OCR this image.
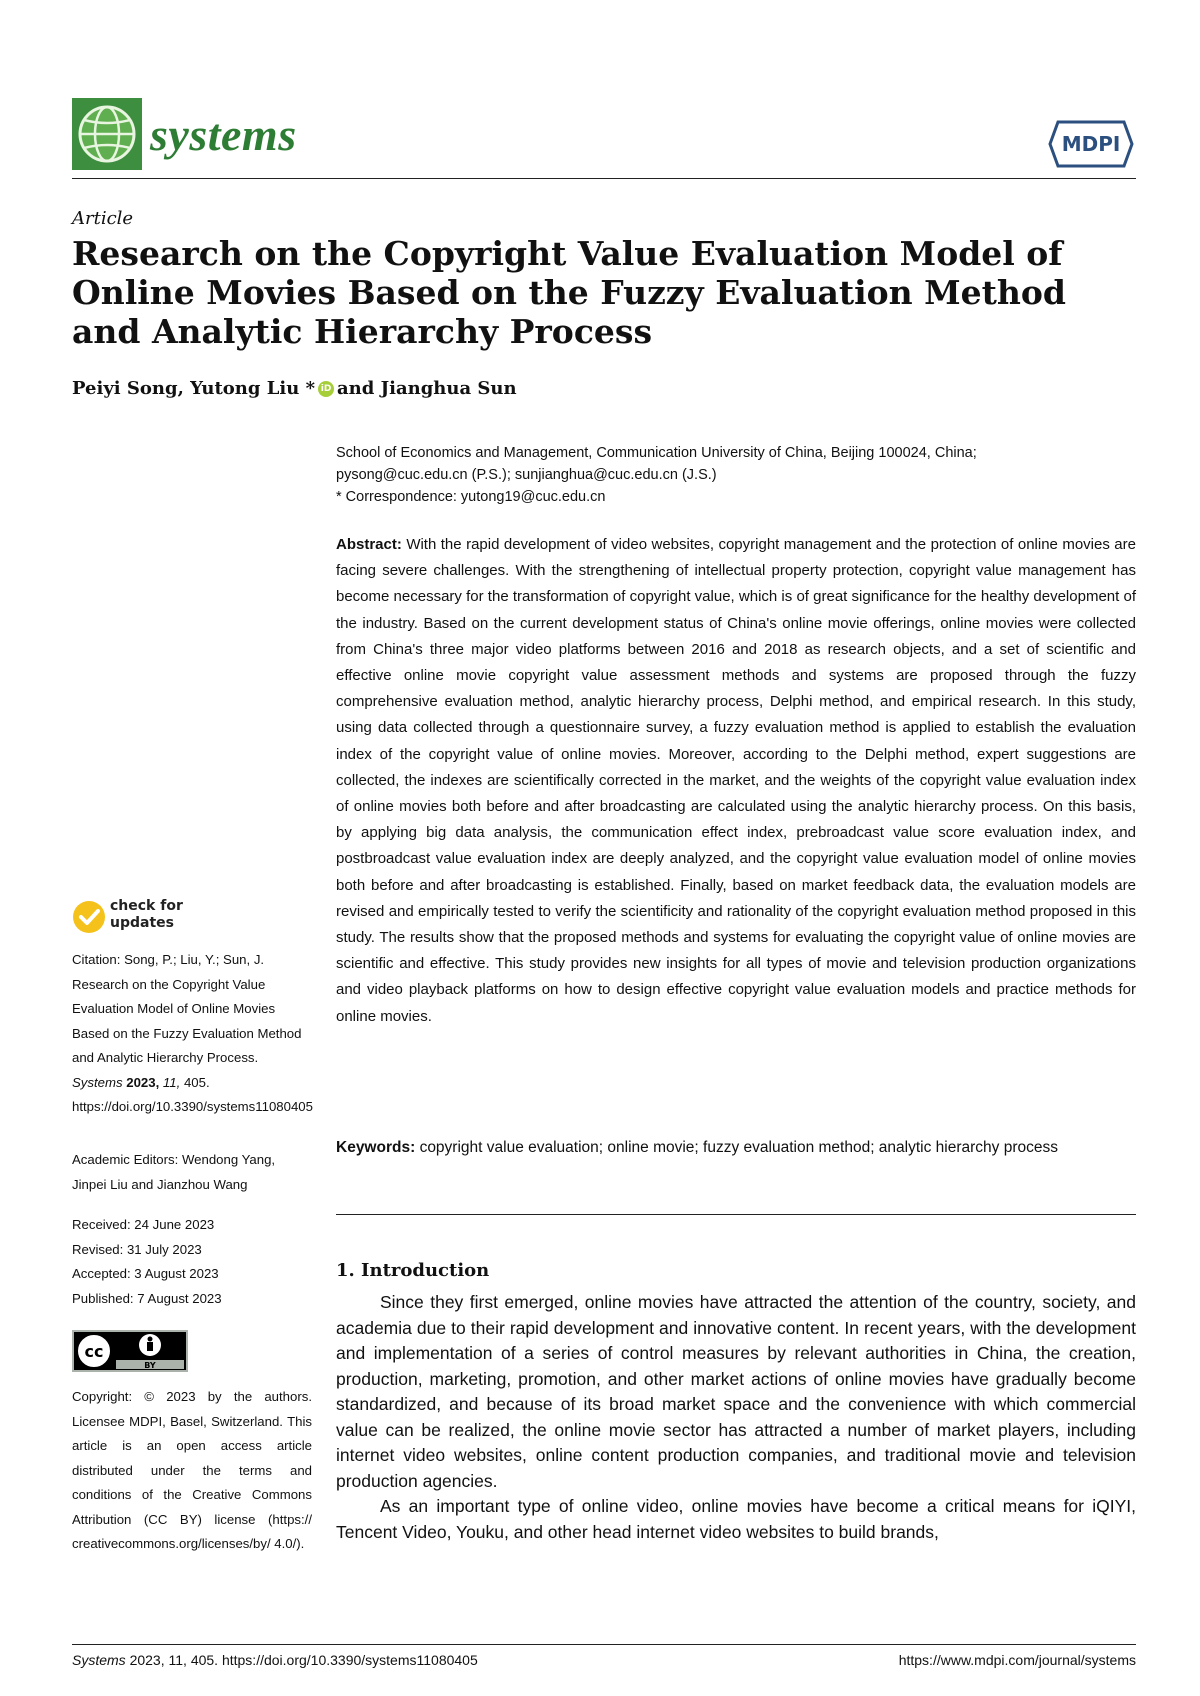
systems	MDPI
Article
Research on the Copyright Value Evaluation Model of Online Movies Based on the Fuzzy Evaluation Method and Analytic Hierarchy Process
Peiyi Song, Yutong Liu * iD and Jianghua Sun
School of Economics and Management, Communication University of China, Beijing 100024, China;
pysong@cuc.edu.cn (P.S.); sunjianghua@cuc.edu.cn (J.S.)
* Correspondence: yutong19@cuc.edu.cn
Abstract: With the rapid development of video websites, copyright management and the protection of online movies are facing severe challenges. With the strengthening of intellectual property protection, copyright value management has become necessary for the transformation of copyright value, which is of great significance for the healthy development of the industry. Based on the current development status of China's online movie offerings, online movies were collected from China's three major video platforms between 2016 and 2018 as research objects, and a set of scientific and effective online movie copyright value assessment methods and systems are proposed through the fuzzy comprehensive evaluation method, analytic hierarchy process, Delphi method, and empirical research. In this study, using data collected through a questionnaire survey, a fuzzy evaluation method is applied to establish the evaluation index of the copyright value of online movies. Moreover, according to the Delphi method, expert suggestions are collected, the indexes are scientifically corrected in the market, and the weights of the copyright value evaluation index of online movies both before and after broadcasting are calculated using the analytic hierarchy process. On this basis, by applying big data analysis, the communication effect index, prebroadcast value score evaluation index, and postbroadcast value evaluation index are deeply analyzed, and the copyright value evaluation model of online movies both before and after broadcasting is established. Finally, based on market feedback data, the evaluation models are revised and empirically tested to verify the scientificity and rationality of the copyright evaluation method proposed in this study. The results show that the proposed methods and systems for evaluating the copyright value of online movies are scientific and effective. This study provides new insights for all types of movie and television production organizations and video playback platforms on how to design effective copyright value evaluation models and practice methods for online movies.
Keywords: copyright value evaluation; online movie; fuzzy evaluation method; analytic hierarchy process
1. Introduction

Since they first emerged, online movies have attracted the attention of the country, society, and academia due to their rapid development and innovative content. In recent years, with the development and implementation of a series of control measures by relevant authorities in China, the creation, production, marketing, promotion, and other market actions of online movies have gradually become standardized, and because of its broad market space and the convenience with which commercial value can be realized, the online movie sector has attracted a number of market players, including internet video websites, online content production companies, and traditional movie and television production agencies.

As an important type of online video, online movies have become a critical means for iQIYI, Tencent Video, Youku, and other head internet video websites to build brands,

check for
updates
Citation: Song, P.; Liu, Y.; Sun, J. Research on the Copyright Value Evaluation Model of Online Movies Based on the Fuzzy Evaluation Method and Analytic Hierarchy Process. Systems 2023, 11, 405. https://doi.org/10.3390/systems11080405
Academic Editors: Wendong Yang, Jinpei Liu and Jianzhou Wang
Received: 24 June 2023
Revised: 31 July 2023
Accepted: 3 August 2023
Published: 7 August 2023
cc
BY
Copyright: © 2023 by the authors. Licensee MDPI, Basel, Switzerland. This article is an open access article distributed under the terms and conditions of the Creative Commons Attribution (CC BY) license (https:// creativecommons.org/licenses/by/ 4.0/).
Systems 2023, 11, 405. https://doi.org/10.3390/systems11080405	https://www.mdpi.com/journal/systems
